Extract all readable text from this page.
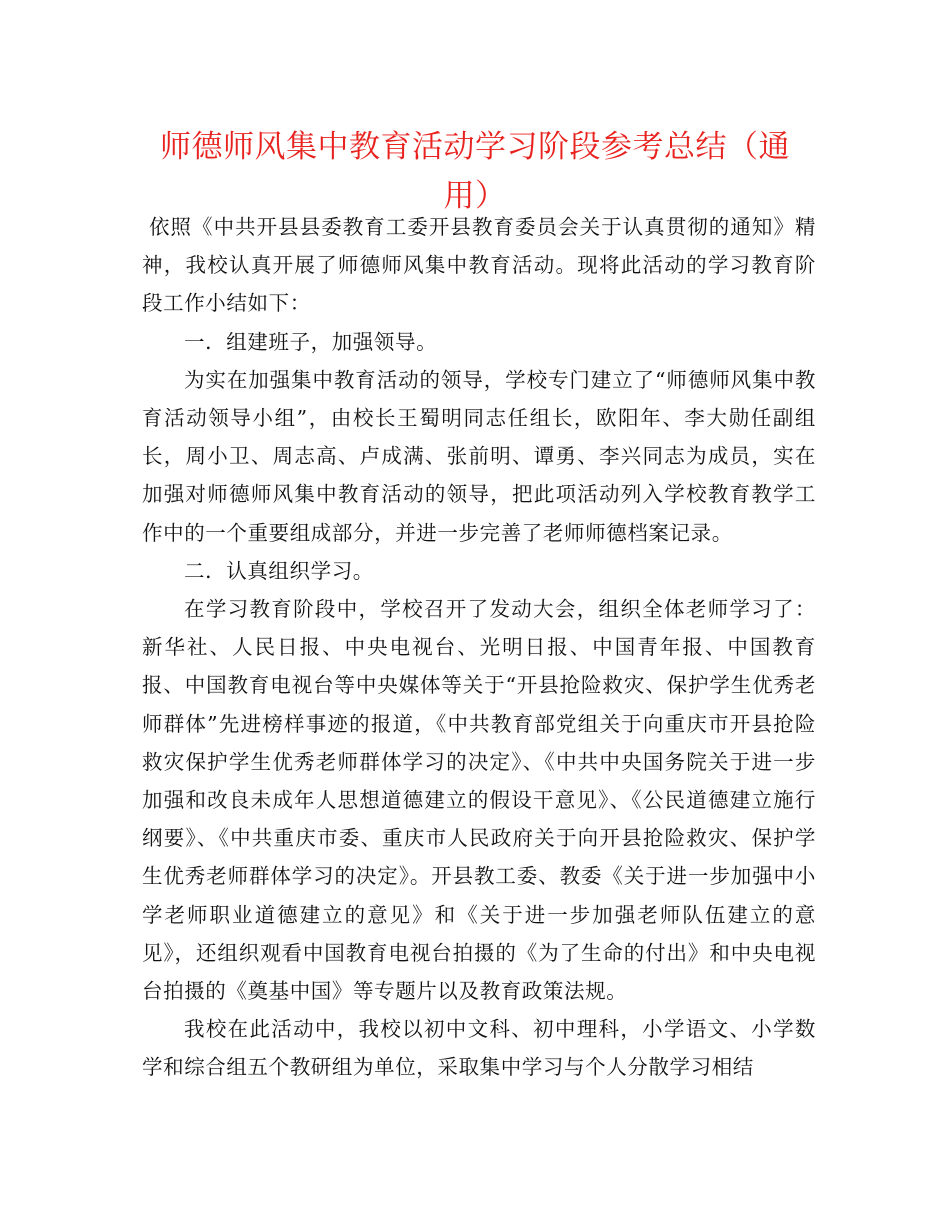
师德师风集中教育活动学习阶段参考总结（通用）

依照《中共开县县委教育工委开县教育委员会关于认真贯彻的通知》精神，我校认真开展了师德师风集中教育活动。现将此活动的学习教育阶段工作小结如下：

一．组建班子，加强领导。

为实在加强集中教育活动的领导，学校专门建立了“师德师风集中教育活动领导小组”，由校长王蜀明同志任组长，欧阳年、李大勋任副组长，周小卫、周志高、卢成满、张前明、谭勇、李兴同志为成员，实在加强对师德师风集中教育活动的领导，把此项活动列入学校教育教学工作中的一个重要组成部分，并进一步完善了老师师德档案记录。

二．认真组织学习。

在学习教育阶段中，学校召开了发动大会，组织全体老师学习了：新华社、人民日报、中央电视台、光明日报、中国青年报、中国教育报、中国教育电视台等中央媒体等关于“开县抢险救灾、保护学生优秀老师群体”先进榜样事迹的报道，《中共教育部党组关于向重庆市开县抢险救灾保护学生优秀老师群体学习的决定》、《中共中央国务院关于进一步加强和改良未成年人思想道德建立的假设干意见》、《公民道德建立施行纲要》、《中共重庆市委、重庆市人民政府关于向开县抢险救灾、保护学生优秀老师群体学习的决定》。开县教工委、教委《关于进一步加强中小学老师职业道德建立的意见》和《关于进一步加强老师队伍建立的意见》，还组织观看中国教育电视台拍摄的《为了生命的付出》和中央电视台拍摄的《奠基中国》等专题片以及教育政策法规。

我校在此活动中，我校以初中文科、初中理科，小学语文、小学数学和综合组五个教研组为单位，采取集中学习与个人分散学习相结
